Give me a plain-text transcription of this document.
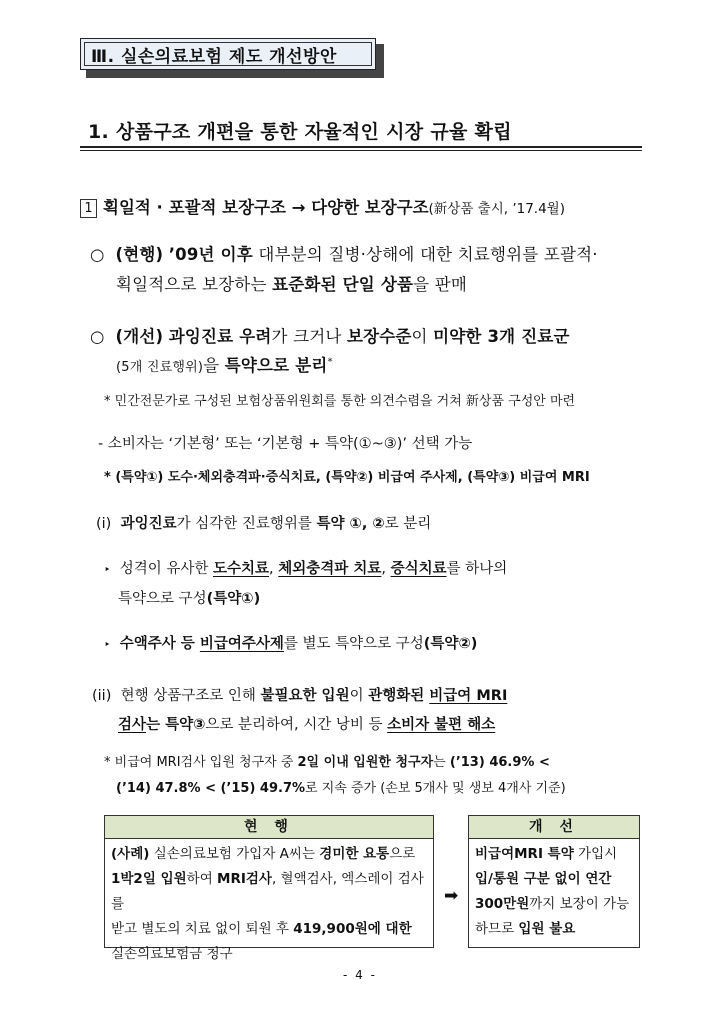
Ⅲ. 실손의료보험 제도 개선방안
1. 상품구조 개편을 통한 자율적인 시장 규율 확립
1 획일적 · 포괄적 보장구조 → 다양한 보장구조(新상품 출시, ’17.4월)
○ (현행) ’09년 이후 대부분의 질병·상해에 대한 치료행위를 포괄적·
획일적으로 보장하는 표준화된 단일 상품을 판매
○ (개선) 과잉진료 우려가 크거나 보장수준이 미약한 3개 진료군
(5개 진료행위)을 특약으로 분리*
* 민간전문가로 구성된 보험상품위원회를 통한 의견수렴을 거쳐 新상품 구성안 마련
- 소비자는 ‘기본형’ 또는 ‘기본형 + 특약(①~③)’ 선택 가능
* (특약①) 도수·체외충격파·증식치료, (특약②) 비급여 주사제, (특약③) 비급여 MRI
(i) 과잉진료가 심각한 진료행위를 특약 ①, ②로 분리
‣ 성격이 유사한 도수치료, 체외충격파 치료, 증식치료를 하나의
특약으로 구성(특약①)
‣ 수액주사 등 비급여주사제를 별도 특약으로 구성(특약②)
(ii) 현행 상품구조로 인해 불필요한 입원이 관행화된 비급여 MRI
검사는 특약③으로 분리하여, 시간 낭비 등 소비자 불편 해소
* 비급여 MRI검사 입원 청구자 중 2일 이내 입원한 청구자는 (’13) 46.9% <
(’14) 47.8% < (’15) 49.7%로 지속 증가 (손보 5개사 및 생보 4개사 기준)
현 행
(사례) 실손의료보험 가입자 A씨는 경미한 요통으로
1박2일 입원하여 MRI검사, 혈액검사, 엑스레이 검사를
받고 별도의 치료 없이 퇴원 후 419,900원에 대한
실손의료보험금 청구
➡
개 선
비급여MRI 특약 가입시
입/통원 구분 없이 연간
300만원까지 보장이 가능
하므로 입원 불요
- 4 -
